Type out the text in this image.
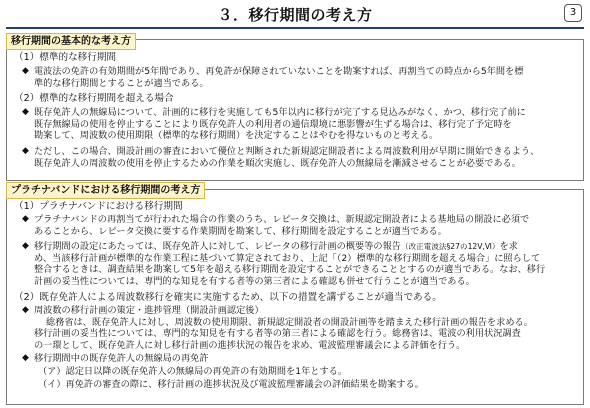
３．移行期間の考え方	3
移行期間の基本的な考え方
（1）標準的な移行期間
◆ 電波法の免許の有効期間が5年間であり、再免許が保障されていないことを勘案すれば、再割当ての時点から5年間を標
準的な移行期間とすることが適当である。
（2）標準的な移行期間を超える場合
◆ 既存免許人の無線局について、計画的に移行を実施しても5年以内に移行が完了する見込みがなく、かつ、移行完了前に
既存無線局の使用を停止することにより既存免許人の利用者の通信環境に悪影響が生ずる場合は、移行完了予定時を
勘案して、周波数の使用期限（標準的な移行期間）を決定することはやむを得ないものと考える。
◆ ただし、この場合、開設計画の審査において優位と判断された新規認定開設者による周波数利用が早期に開始できるよう、
既存免許人の周波数の使用を停止するための作業を順次実施し、既存免許人の無線局を漸減させることが必要である。
プラチナバンドにおける移行期間の考え方
（1）プラチナバンドにおける移行期間
◆ プラチナバンドの再割当てが行われた場合の作業のうち、レピータ交換は、新規認定開設者による基地局の開設に必須で
あることから、レピータ交換に要する作業期間を勘案して、移行期間を設定することが適当である。
◆ 移行期間の設定にあたっては、既存免許人に対して、レピータの移行計画の概要等の報告（改正電波法§27の12Ⅴ,Ⅵ）を求
め、当該移行計画が標準的な作業工程に基づいて算定されており、上記「（2）標準的な移行期間を超える場合」に照らして
整合するときは、調査結果を勘案して5年を超える移行期間を設定することができることとするのが適当である。なお、移行
計画の妥当性については、専門的な知見を有する者等の第三者による確認も併せて行うことが適当である。
（2）既存免許人による周波数移行を確実に実施するため、以下の措置を講ずることが適当である。
◆ 周波数の移行計画の策定・進捗管理（開設計画認定後）
総務省は、既存免許人に対し、周波数の使用期限、新規認定開設者の開設計画等を踏まえた移行計画の報告を求める。
移行計画の妥当性については、専門的な知見を有する者等の第三者による確認を行う。総務省は、電波の利用状況調査
の一環として、既存免許人に対し移行計画の進捗状況の報告を求め、電波監理審議会による評価を行う。
◆ 移行期間中の既存免許人の無線局の再免許
（ア）認定日以降の既存免許人の無線局の再免許の有効期間を1年とする。
（イ）再免許の審査の際に、移行計画の進捗状況及び電波監理審議会の評価結果を勘案する。
